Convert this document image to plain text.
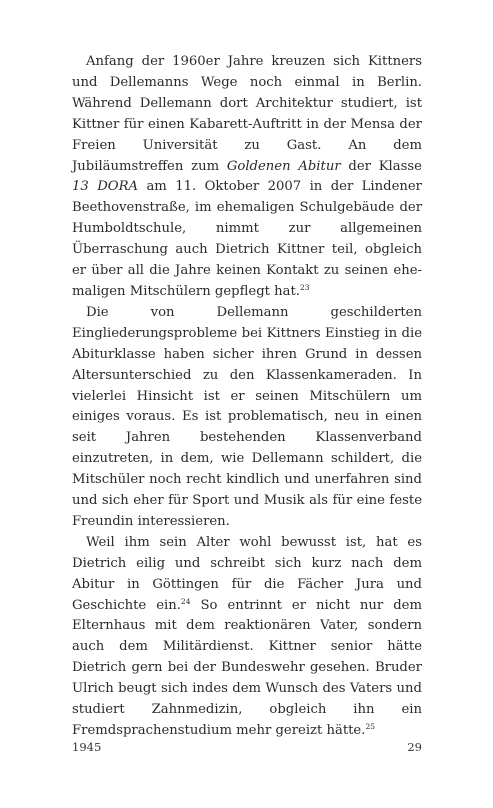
Anfang der 1960er Jahre kreuzen sich Kittners und Dellemanns Wege noch einmal in Berlin. Während Dellemann dort Architektur studiert, ist Kittner für einen Kabarett-Auftritt in der Mensa der Freien Universität zu Gast. An dem Jubiläumstreffen zum Goldenen Abitur der Klasse 13 DORA am 11. Oktober 2007 in der Lindener Beethovenstraße, im ehemaligen Schulgebäude der Humboldtschule, nimmt zur allgemeinen Überraschung auch Dietrich Kittner teil, obgleich er über all die Jahre keinen Kontakt zu seinen ehemaligen Mitschülern gepflegt hat.$^{23}$

Die von Dellemann geschilderten Eingliederungsprobleme bei Kittners Einstieg in die Abiturklasse haben sicher ihren Grund in dessen Altersunterschied zu den Klassenkameraden. In vielerlei Hinsicht ist er seinen Mitschülern um einiges voraus. Es ist problematisch, neu in einen seit Jahren bestehenden Klassenverband einzutreten, in dem, wie Dellemann schildert, die Mitschüler noch recht kindlich und unerfahren sind und sich eher für Sport und Musik als für eine feste Freundin interessieren.

Weil ihm sein Alter wohl bewusst ist, hat es Dietrich eilig und schreibt sich kurz nach dem Abitur in Göttingen für die Fächer Jura und Geschichte ein.$^{24}$ So entrinnt er nicht nur dem Elternhaus mit dem reaktionären Vater, sondern auch dem Militärdienst. Kittner senior hätte Dietrich gern bei der Bundeswehr gesehen. Bruder Ulrich beugt sich indes dem Wunsch des Vaters und studiert Zahnmedizin, obgleich ihn ein Fremdsprachenstudium mehr gereizt hätte.$^{25}$

1945	29
